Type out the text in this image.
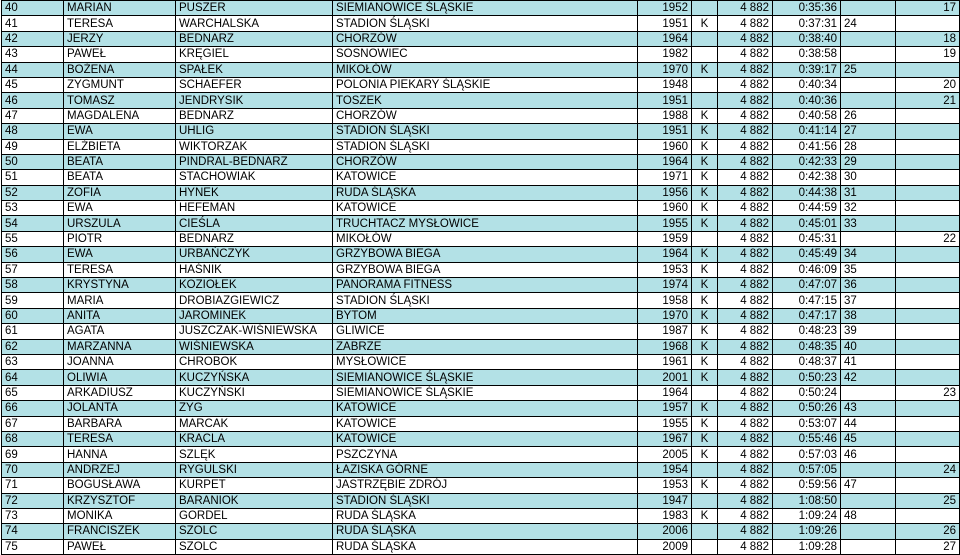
40	MARIAN	PUSZER	SIEMIANOWICE ŚLĄSKIE	1952		4 882	0:35:36		17
41	TERESA	WARCHALSKA	STADION ŚLĄSKI	1951	K	4 882	0:37:31	24	
42	JERZY	BEDNARZ	CHORZÓW	1964		4 882	0:38:40		18
43	PAWEŁ	KRĘGIEL	SOSNOWIEC	1982		4 882	0:38:58		19
44	BOŻENA	SPAŁEK	MIKOŁÓW	1970	K	4 882	0:39:17	25	
45	ZYGMUNT	SCHAEFER	POLONIA PIEKARY ŚLĄSKIE	1948		4 882	0:40:34		20
46	TOMASZ	JENDRYSIK	TOSZEK	1951		4 882	0:40:36		21
47	MAGDALENA	BEDNARZ	CHORZÓW	1988	K	4 882	0:40:58	26	
48	EWA	UHLIG	STADION ŚLĄSKI	1951	K	4 882	0:41:14	27	
49	ELŻBIETA	WIKTORZAK	STADION ŚLĄSKI	1960	K	4 882	0:41:56	28	
50	BEATA	PINDRAL-BEDNARZ	CHORZÓW	1964	K	4 882	0:42:33	29	
51	BEATA	STACHOWIAK	KATOWICE	1971	K	4 882	0:42:38	30	
52	ZOFIA	HYNEK	RUDA ŚLĄSKA	1956	K	4 882	0:44:38	31	
53	EWA	HEFEMAN	KATOWICE	1960	K	4 882	0:44:59	32	
54	URSZULA	CIEŚLA	TRUCHTACZ MYSŁOWICE	1955	K	4 882	0:45:01	33	
55	PIOTR	BEDNARZ	MIKOŁÓW	1959		4 882	0:45:31		22
56	EWA	URBAŃCZYK	GRZYBOWA BIEGA	1964	K	4 882	0:45:49	34	
57	TERESA	HAŚNIK	GRZYBOWA BIEGA	1953	K	4 882	0:46:09	35	
58	KRYSTYNA	KOZIOŁEK	PANORAMA FITNESS	1974	K	4 882	0:47:07	36	
59	MARIA	DROBIAZGIEWICZ	STADION ŚLĄSKI	1958	K	4 882	0:47:15	37	
60	ANITA	JAROMINEK	BYTOM	1970	K	4 882	0:47:17	38	
61	AGATA	JUSZCZAK-WIŚNIEWSKA	GLIWICE	1987	K	4 882	0:48:23	39	
62	MARZANNA	WIŚNIEWSKA	ZABRZE	1968	K	4 882	0:48:35	40	
63	JOANNA	CHROBOK	MYSŁOWICE	1961	K	4 882	0:48:37	41	
64	OLIWIA	KUCZYŃSKA	SIEMIANOWICE ŚLĄSKIE	2001	K	4 882	0:50:23	42	
65	ARKADIUSZ	KUCZYŃSKI	SIEMIANOWICE ŚLĄSKIE	1964		4 882	0:50:24		23
66	JOLANTA	ZYG	KATOWICE	1957	K	4 882	0:50:26	43	
67	BARBARA	MARCAK	KATOWICE	1955	K	4 882	0:53:07	44	
68	TERESA	KRACLA	KATOWICE	1967	K	4 882	0:55:46	45	
69	HANNA	SZLĘK	PSZCZYNA	2005	K	4 882	0:57:03	46	
70	ANDRZEJ	RYGULSKI	ŁAZISKA GÓRNE	1954		4 882	0:57:05		24
71	BOGUSŁAWA	KURPET	JASTRZĘBIE ZDRÓJ	1953	K	4 882	0:59:56	47	
72	KRZYSZTOF	BARANIOK	STADION ŚLĄSKI	1947		4 882	1:08:50		25
73	MONIKA	GORDEL	RUDA ŚLĄSKA	1983	K	4 882	1:09:24	48	
74	FRANCISZEK	SZOLC	RUDA ŚLĄSKA	2006		4 882	1:09:26		26
75	PAWEŁ	SZOLC	RUDA ŚLĄSKA	2009		4 882	1:09:28		27
